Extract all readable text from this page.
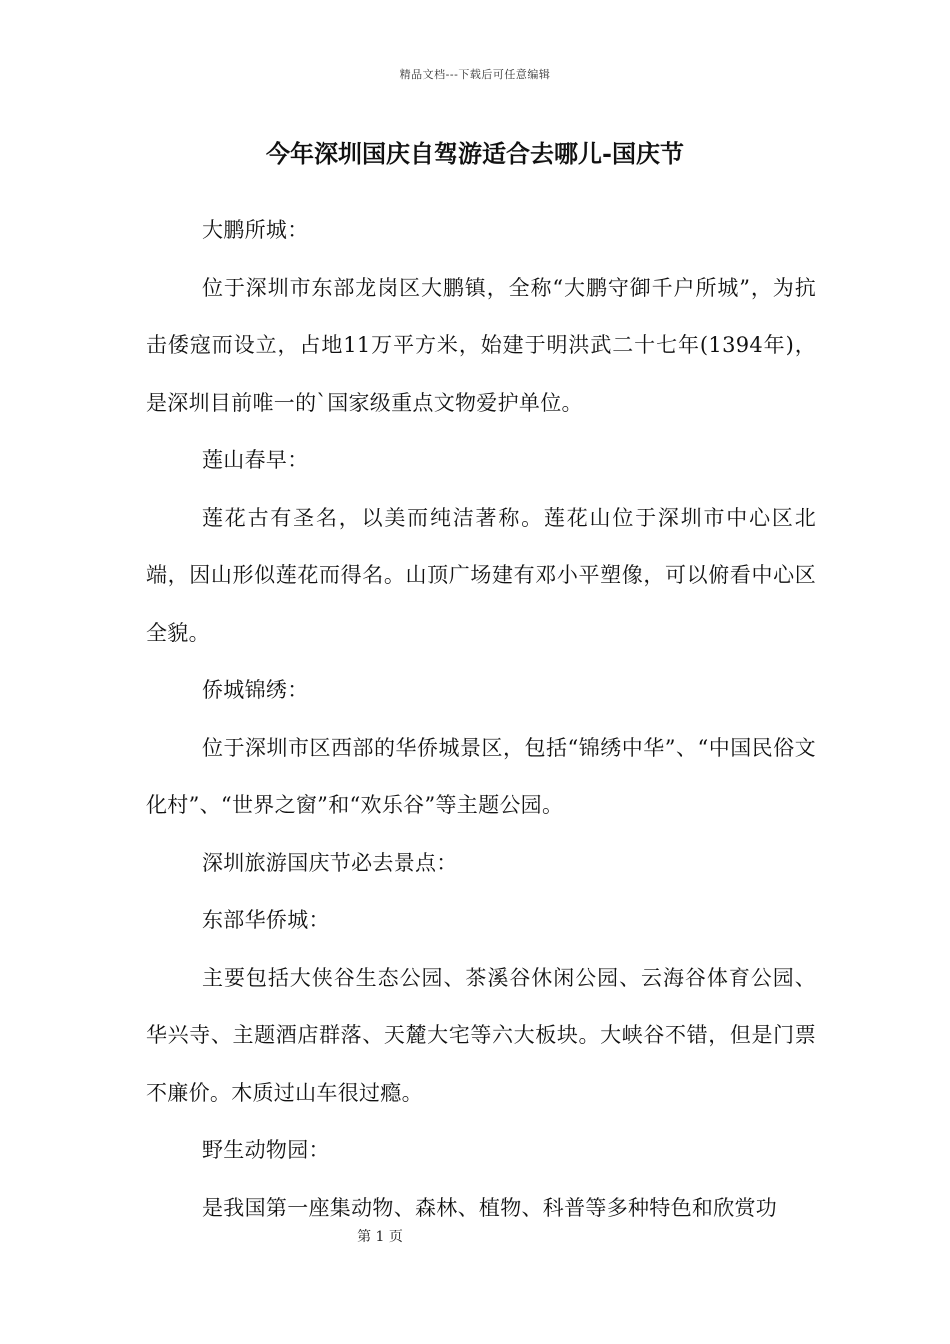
精品文档---下载后可任意编辑
今年深圳国庆自驾游适合去哪儿-国庆节

大鹏所城：

位于深圳市东部龙岗区大鹏镇，全称“大鹏守御千户所城”，为抗击倭寇而设立，占地11万平方米，始建于明洪武二十七年(1394年)，是深圳目前唯一的`国家级重点文物爱护单位。

莲山春早：

莲花古有圣名，以美而纯洁著称。莲花山位于深圳市中心区北端，因山形似莲花而得名。山顶广场建有邓小平塑像，可以俯看中心区全貌。

侨城锦绣：

位于深圳市区西部的华侨城景区，包括“锦绣中华”、“中国民俗文化村”、“世界之窗”和“欢乐谷”等主题公园。

深圳旅游国庆节必去景点：

东部华侨城：

主要包括大侠谷生态公园、茶溪谷休闲公园、云海谷体育公园、华兴寺、主题酒店群落、天麓大宅等六大板块。大峡谷不错，但是门票不廉价。木质过山车很过瘾。

野生动物园：

是我国第一座集动物、森林、植物、科普等多种特色和欣赏功

第 1 页
